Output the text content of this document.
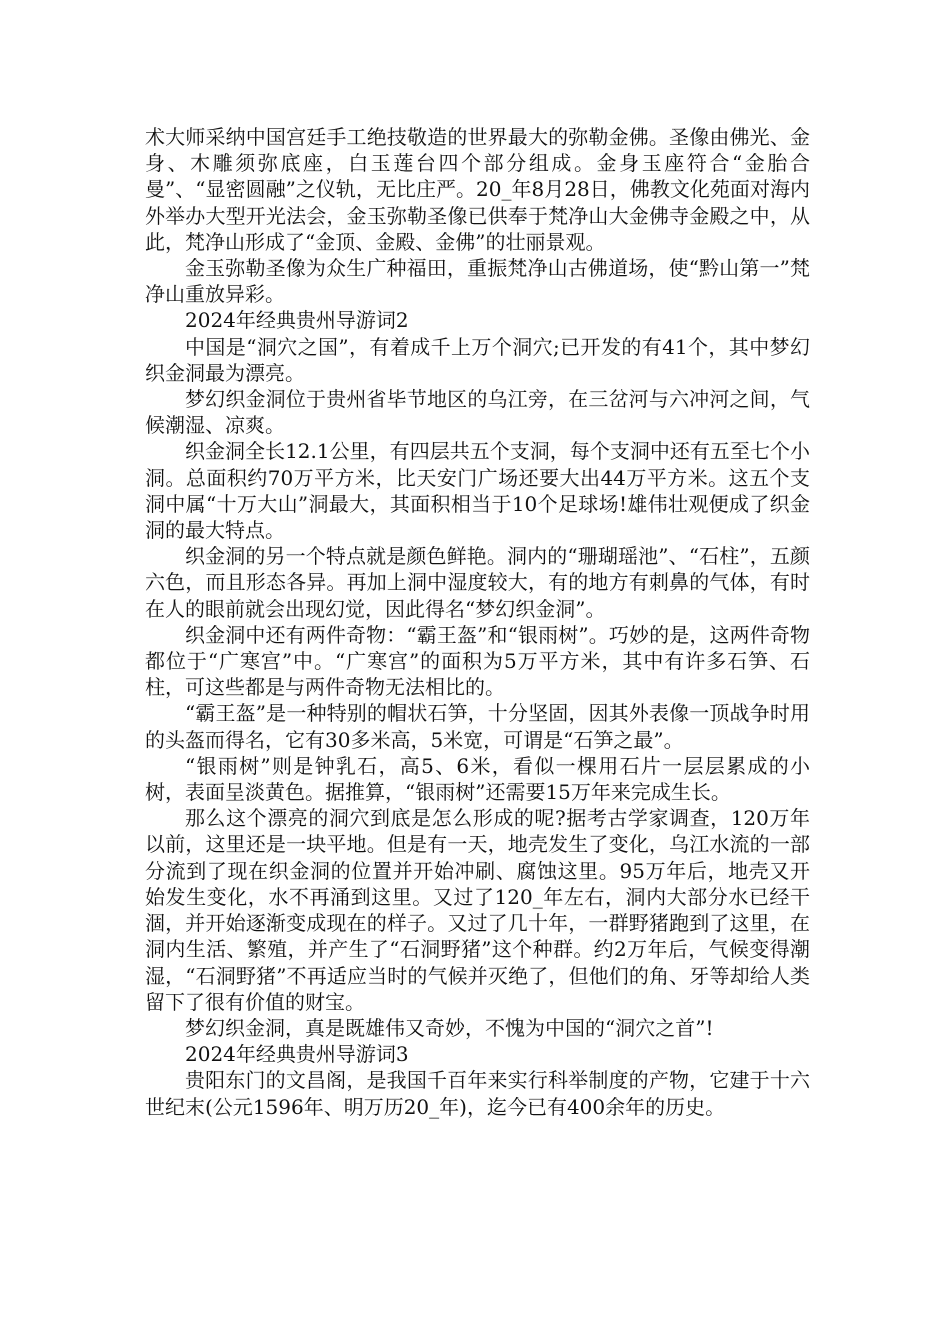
术大师采纳中国宫廷手工绝技敬造的世界最大的弥勒金佛。圣像由佛光、金身、木雕须弥底座，白玉莲台四个部分组成。金身玉座符合“金胎合曼”、“显密圆融”之仪轨，无比庄严。20_年8月28日，佛教文化苑面对海内外举办大型开光法会，金玉弥勒圣像已供奉于梵净山大金佛寺金殿之中，从此，梵净山形成了“金顶、金殿、金佛”的壮丽景观。

金玉弥勒圣像为众生广种福田，重振梵净山古佛道场，使“黔山第一”梵净山重放异彩。

2024年经典贵州导游词2

中国是“洞穴之国”，有着成千上万个洞穴;已开发的有41个，其中梦幻织金洞最为漂亮。

梦幻织金洞位于贵州省毕节地区的乌江旁，在三岔河与六冲河之间，气候潮湿、凉爽。

织金洞全长12.1公里，有四层共五个支洞，每个支洞中还有五至七个小洞。总面积约70万平方米，比天安门广场还要大出44万平方米。这五个支洞中属“十万大山”洞最大，其面积相当于10个足球场!雄伟壮观便成了织金洞的最大特点。

织金洞的另一个特点就是颜色鲜艳。洞内的“珊瑚瑶池”、“石柱”，五颜六色，而且形态各异。再加上洞中湿度较大，有的地方有刺鼻的气体，有时在人的眼前就会出现幻觉，因此得名“梦幻织金洞”。

织金洞中还有两件奇物：“霸王盔”和“银雨树”。巧妙的是，这两件奇物都位于“广寒宫”中。“广寒宫”的面积为5万平方米，其中有许多石笋、石柱，可这些都是与两件奇物无法相比的。

“霸王盔”是一种特别的帽状石笋，十分坚固，因其外表像一顶战争时用的头盔而得名，它有30多米高，5米宽，可谓是“石笋之最”。

“银雨树”则是钟乳石，高5、6米，看似一棵用石片一层层累成的小树，表面呈淡黄色。据推算，“银雨树”还需要15万年来完成生长。

那么这个漂亮的洞穴到底是怎么形成的呢?据考古学家调查，120万年以前，这里还是一块平地。但是有一天，地壳发生了变化，乌江水流的一部分流到了现在织金洞的位置并开始冲刷、腐蚀这里。95万年后，地壳又开始发生变化，水不再涌到这里。又过了120_年左右，洞内大部分水已经干涸，并开始逐渐变成现在的样子。又过了几十年，一群野猪跑到了这里，在洞内生活、繁殖，并产生了“石洞野猪”这个种群。约2万年后，气候变得潮湿，“石洞野猪”不再适应当时的气候并灭绝了，但他们的角、牙等却给人类留下了很有价值的财宝。

梦幻织金洞，真是既雄伟又奇妙，不愧为中国的“洞穴之首”!

2024年经典贵州导游词3

贵阳东门的文昌阁，是我国千百年来实行科举制度的产物，它建于十六世纪末(公元1596年、明万历20_年)，迄今已有400余年的历史。
